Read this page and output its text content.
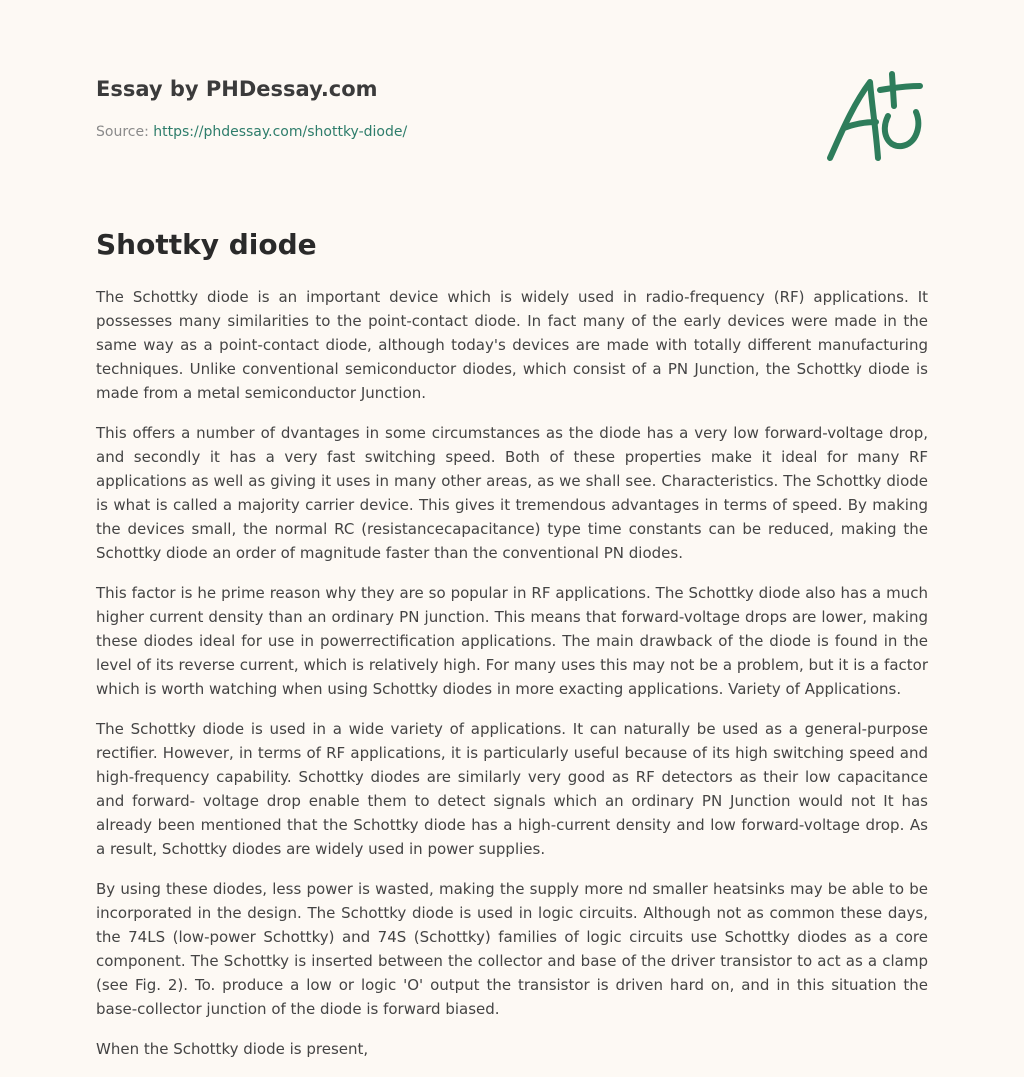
Essay by PHDessay.com
Source: https://phdessay.com/shottky-diode/
Shottky diode

The Schottky diode is an important device which is widely used in radio-frequency (RF) applications. It possesses many similarities to the point-contact diode. In fact many of the early devices were made in the same way as a point-contact diode, although today's devices are made with totally different manufacturing techniques. Unlike conventional semiconductor diodes, which consist of a PN Junction, the Schottky diode is made from a metal semiconductor Junction.

This offers a number of dvantages in some circumstances as the diode has a very low forward-voltage drop, and secondly it has a very fast switching speed. Both of these properties make it ideal for many RF applications as well as giving it uses in many other areas, as we shall see. Characteristics. The Schottky diode is what is called a majority carrier device. This gives it tremendous advantages in terms of speed. By making the devices small, the normal RC (resistancecapacitance) type time constants can be reduced, making the Schottky diode an order of magnitude faster than the conventional PN diodes.

This factor is he prime reason why they are so popular in RF applications. The Schottky diode also has a much higher current density than an ordinary PN junction. This means that forward-voltage drops are lower, making these diodes ideal for use in powerrectification applications. The main drawback of the diode is found in the level of its reverse current, which is relatively high. For many uses this may not be a problem, but it is a factor which is worth watching when using Schottky diodes in more exacting applications. Variety of Applications.

The Schottky diode is used in a wide variety of applications. It can naturally be used as a general-purpose rectifier. However, in terms of RF applications, it is particularly useful because of its high switching speed and high-frequency capability. Schottky diodes are similarly very good as RF detectors as their low capacitance and forward- voltage drop enable them to detect signals which an ordinary PN Junction would not It has already been mentioned that the Schottky diode has a high-current density and low forward-voltage drop. As a result, Schottky diodes are widely used in power supplies.

By using these diodes, less power is wasted, making the supply more nd smaller heatsinks may be able to be incorporated in the design. The Schottky diode is used in logic circuits. Although not as common these days, the 74LS (low-power Schottky) and 74S (Schottky) families of logic circuits use Schottky diodes as a core component. The Schottky is inserted between the collector and base of the driver transistor to act as a clamp (see Fig. 2). To. produce a low or logic 'O' output the transistor is driven hard on, and in this situation the base-collector junction of the diode is forward biased.

When the Schottky diode is present,
